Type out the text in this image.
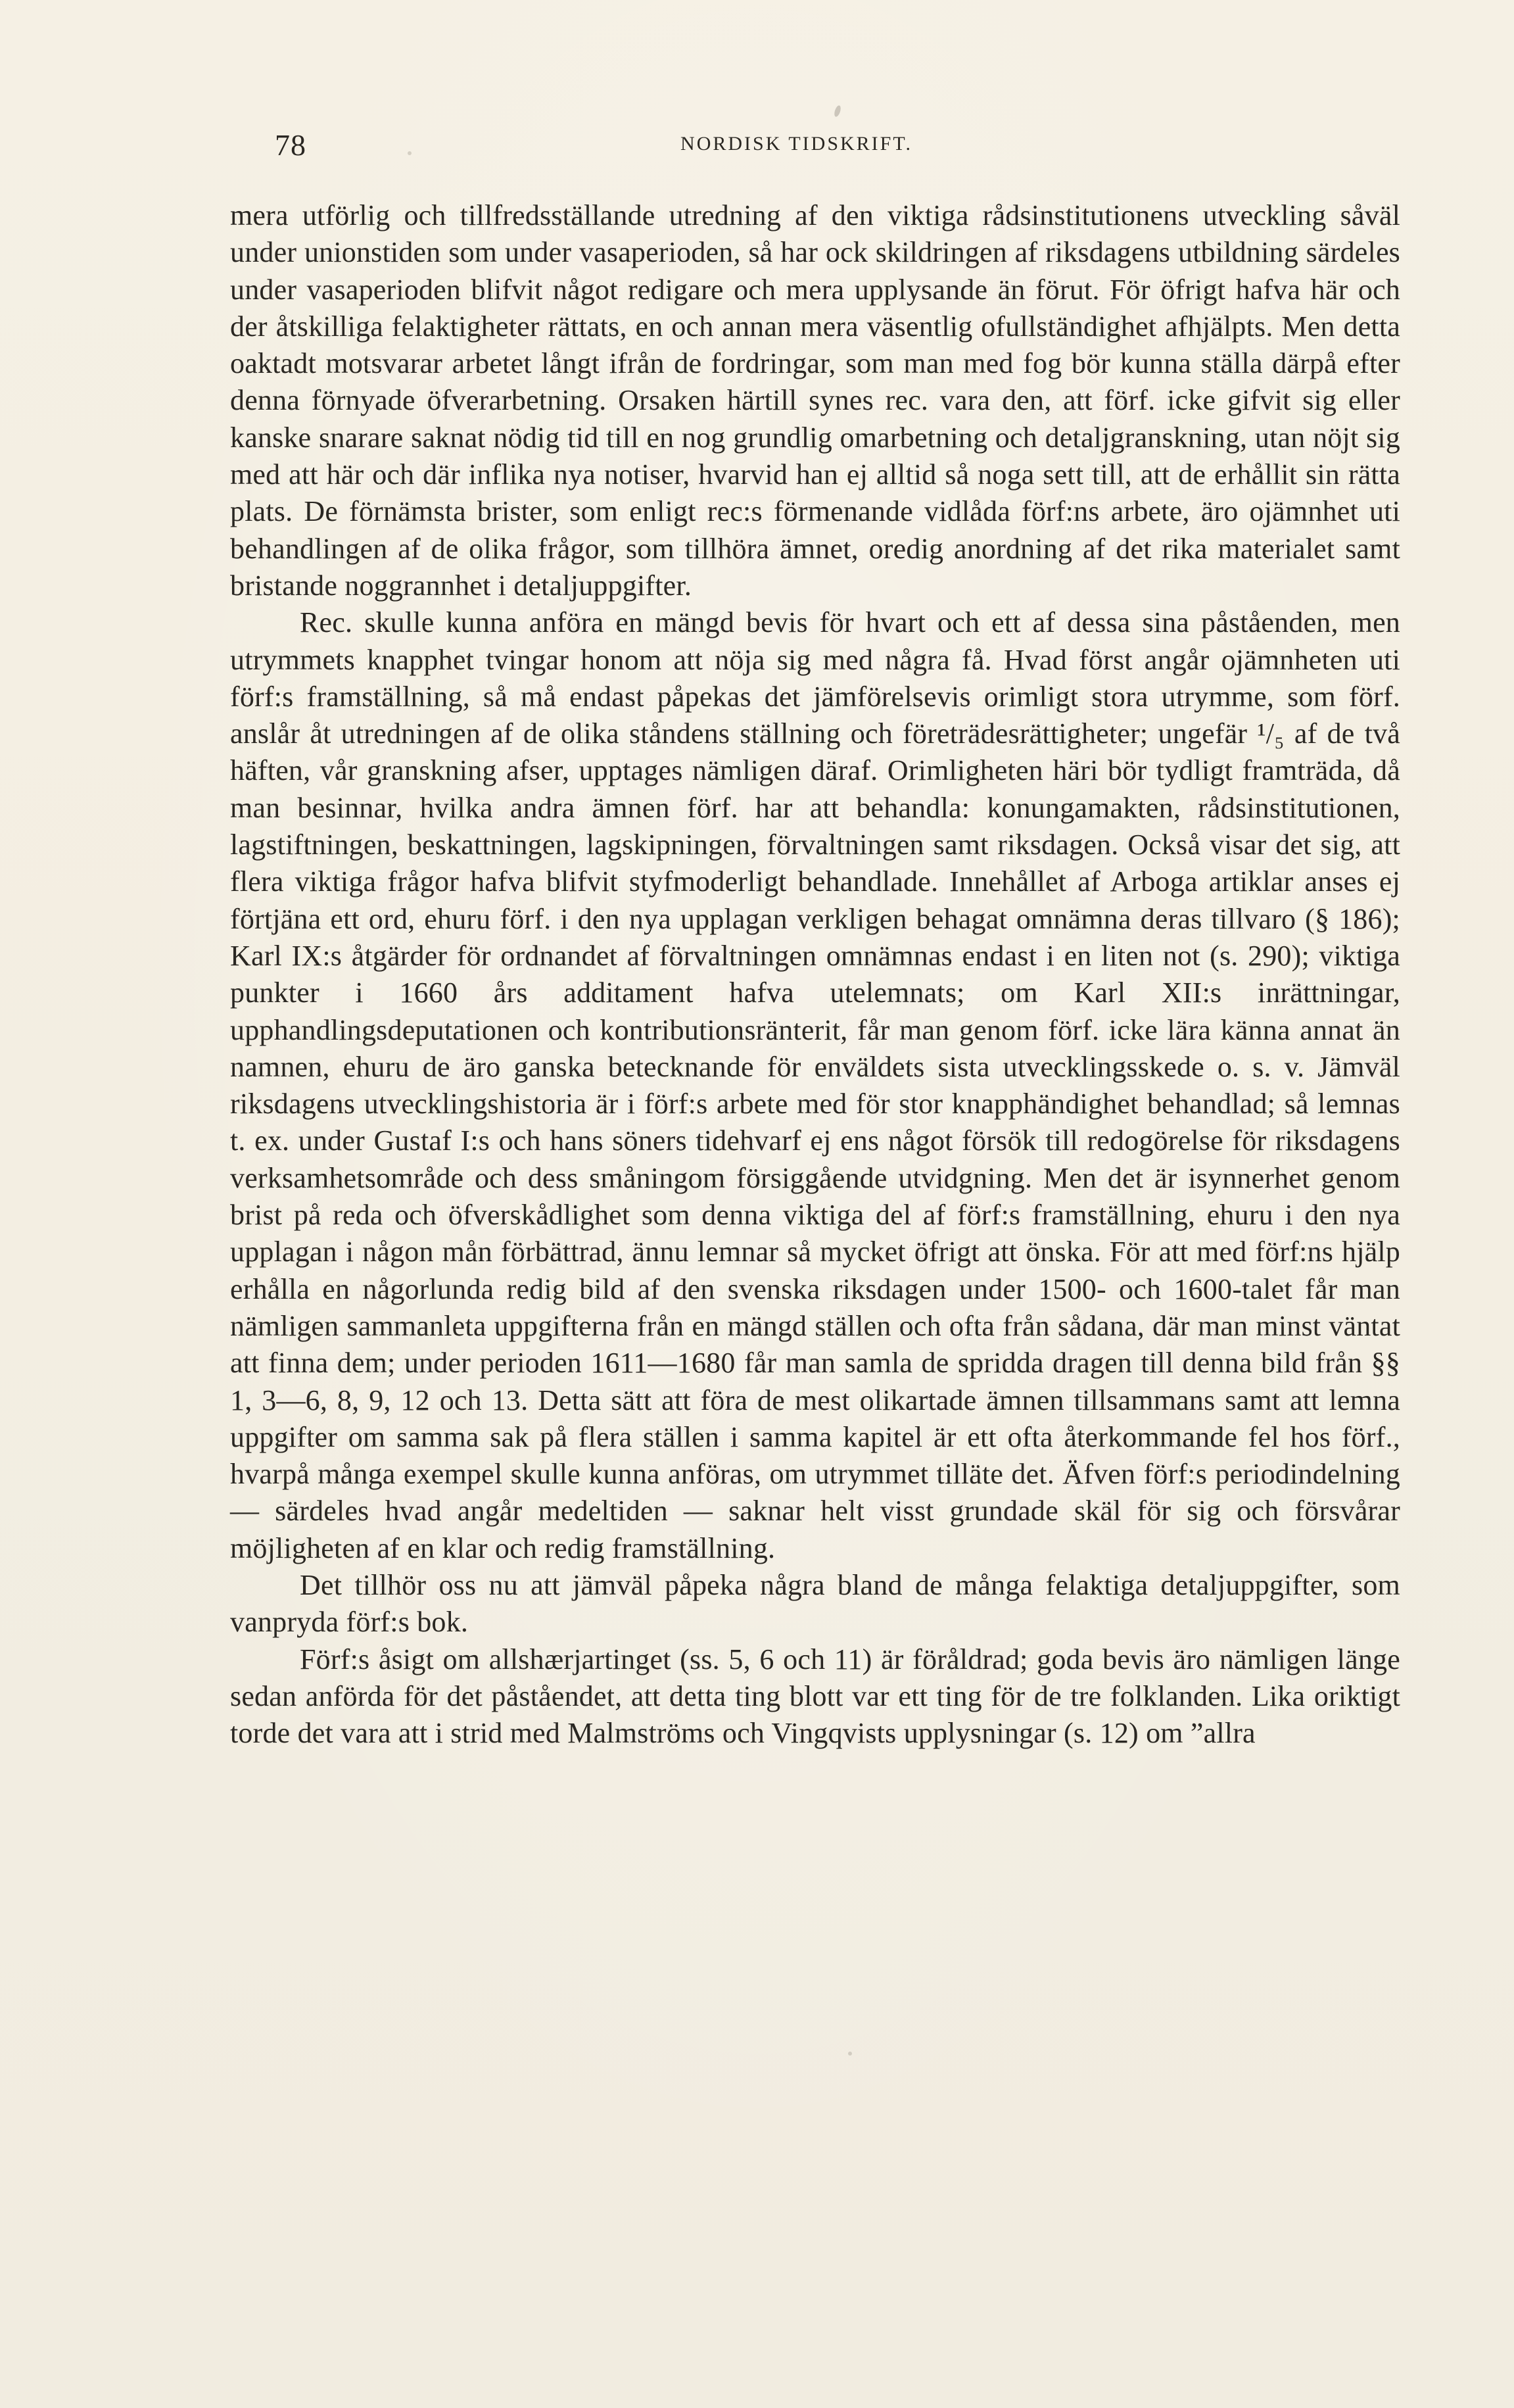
78	NORDISK TIDSKRIFT.

mera utförlig och tillfredsställande utredning af den viktiga rådsinstitutionens utveckling såväl under unionstiden som under vasaperioden, så har ock skildringen af riksdagens utbildning särdeles under vasaperioden blifvit något redigare och mera upplysande än förut. För öfrigt hafva här och der åtskilliga felaktigheter rättats, en och annan mera väsentlig ofullständighet afhjälpts. Men detta oaktadt motsvarar arbetet långt ifrån de fordringar, som man med fog bör kunna ställa därpå efter denna förnyade öfverarbetning. Orsaken härtill synes rec. vara den, att förf. icke gifvit sig eller kanske snarare saknat nödig tid till en nog grundlig omarbetning och detaljgranskning, utan nöjt sig med att här och där inflika nya notiser, hvarvid han ej alltid så noga sett till, att de erhållit sin rätta plats. De förnämsta brister, som enligt rec:s förmenande vidlåda förf:ns arbete, äro ojämnhet uti behandlingen af de olika frågor, som tillhöra ämnet, oredig anordning af det rika materialet samt bristande noggrannhet i detaljuppgifter.

Rec. skulle kunna anföra en mängd bevis för hvart och ett af dessa sina påståenden, men utrymmets knapphet tvingar honom att nöja sig med några få. Hvad först angår ojämnheten uti förf:s framställning, så må endast påpekas det jämförelsevis orimligt stora utrymme, som förf. anslår åt utredningen af de olika ståndens ställning och företrädesrättigheter; ungefär ¹/₅ af de två häften, vår granskning afser, upptages nämligen däraf. Orimligheten häri bör tydligt framträda, då man besinnar, hvilka andra ämnen förf. har att behandla: konungamakten, rådsinstitutionen, lagstiftningen, beskattningen, lagskipningen, förvaltningen samt riksdagen. Också visar det sig, att flera viktiga frågor hafva blifvit styfmoderligt behandlade. Innehållet af Arboga artiklar anses ej förtjäna ett ord, ehuru förf. i den nya upplagan verkligen behagat omnämna deras tillvaro (§ 186); Karl IX:s åtgärder för ordnandet af förvaltningen omnämnas endast i en liten not (s. 290); viktiga punkter i 1660 års additament hafva utelemnats; om Karl XII:s inrättningar, upphandlingsdeputationen och kontributionsränterit, får man genom förf. icke lära känna annat än namnen, ehuru de äro ganska betecknande för enväldets sista utvecklingsskede o. s. v. Jämväl riksdagens utvecklingshistoria är i förf:s arbete med för stor knapphändighet behandlad; så lemnas t. ex. under Gustaf I:s och hans söners tidehvarf ej ens något försök till redogörelse för riksdagens verksamhetsområde och dess småningom försiggående utvidgning. Men det är isynnerhet genom brist på reda och öfverskådlighet som denna viktiga del af förf:s framställning, ehuru i den nya upplagan i någon mån förbättrad, ännu lemnar så mycket öfrigt att önska. För att med förf:ns hjälp erhålla en någorlunda redig bild af den svenska riksdagen under 1500- och 1600-talet får man nämligen sammanleta uppgifterna från en mängd ställen och ofta från sådana, där man minst väntat att finna dem; under perioden 1611—1680 får man samla de spridda dragen till denna bild från §§ 1, 3—6, 8, 9, 12 och 13. Detta sätt att föra de mest olikartade ämnen tillsammans samt att lemna uppgifter om samma sak på flera ställen i samma kapitel är ett ofta återkommande fel hos förf., hvarpå många exempel skulle kunna anföras, om utrymmet tilläte det. Äfven förf:s periodindelning — särdeles hvad angår medeltiden — saknar helt visst grundade skäl för sig och försvårar möjligheten af en klar och redig framställning.

Det tillhör oss nu att jämväl påpeka några bland de många felaktiga detaljuppgifter, som vanpryda förf:s bok.

Förf:s åsigt om allshærjartinget (ss. 5, 6 och 11) är föråldrad; goda bevis äro nämligen länge sedan anförda för det påståendet, att detta ting blott var ett ting för de tre folklanden. Lika oriktigt torde det vara att i strid med Malmströms och Vingqvists upplysningar (s. 12) om ”allra
